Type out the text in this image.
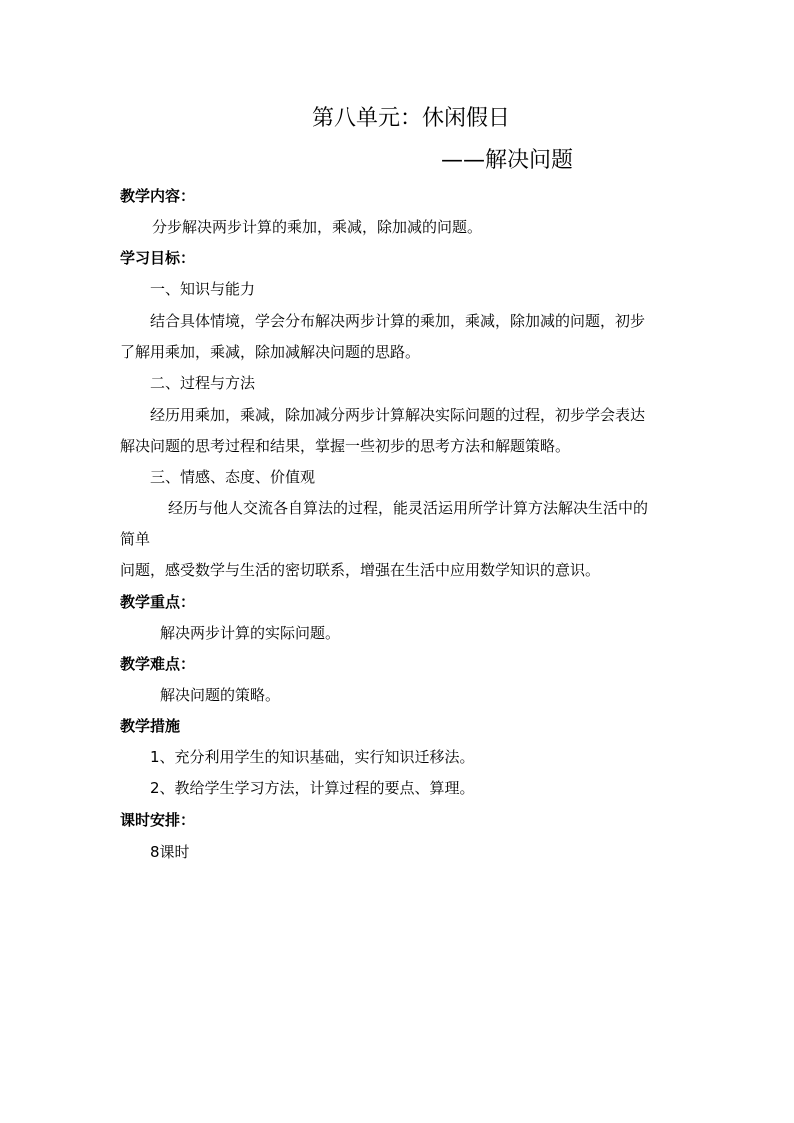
第八单元：休闲假日
——解决问题
教学内容：
分步解决两步计算的乘加，乘减，除加减的问题。
学习目标：
一、知识与能力
结合具体情境，学会分布解决两步计算的乘加，乘减，除加减的问题，初步
了解用乘加，乘减，除加减解决问题的思路。
二、过程与方法
经历用乘加，乘减，除加减分两步计算解决实际问题的过程，初步学会表达
解决问题的思考过程和结果，掌握一些初步的思考方法和解题策略。
三、情感、态度、价值观
经历与他人交流各自算法的过程，能灵活运用所学计算方法解决生活中的
简单
问题，感受数学与生活的密切联系，增强在生活中应用数学知识的意识。
教学重点：
解决两步计算的实际问题。
教学难点：
解决问题的策略。
教学措施
1、充分利用学生的知识基础，实行知识迁移法。
2、教给学生学习方法，计算过程的要点、算理。
课时安排：
8课时
